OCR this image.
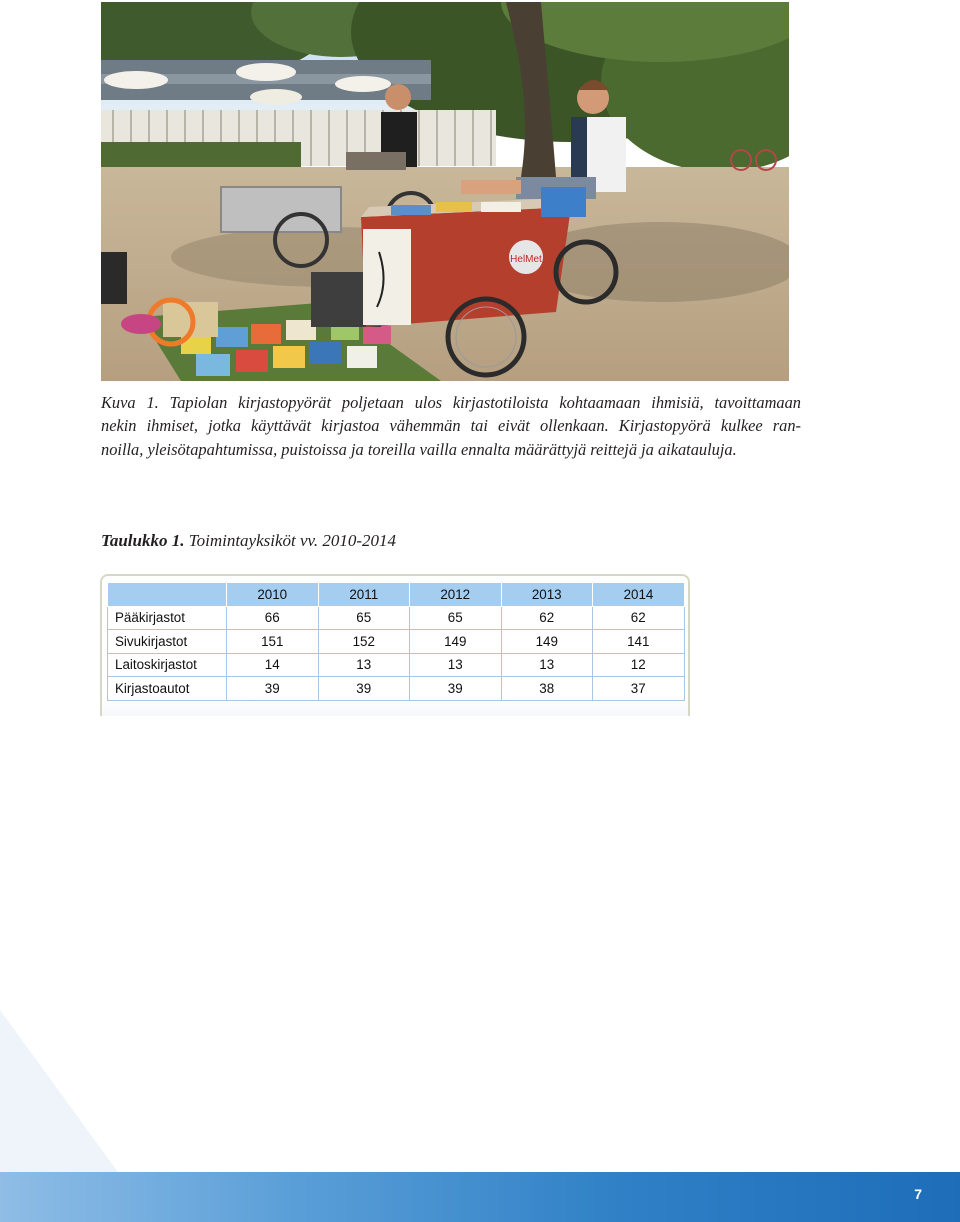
HelMet
Kuva 1. Tapiolan kirjastopyörät poljetaan ulos kirjastotiloista kohtaamaan ihmisiä, tavoittamaan
nekin ihmiset, jotka käyttävät kirjastoa vähemmän tai eivät ollenkaan. Kirjastopyörä kulkee ran-
noilla, yleisötapahtumissa, puistoissa ja toreilla vailla ennalta määrättyjä reittejä ja aikatauluja.
Taulukko 1. Toimintayksiköt vv. 2010-2014
	2010	2011	2012	2013	2014
Pääkirjastot	66	65	65	62	62
Sivukirjastot	151	152	149	149	141
Laitoskirjastot	14	13	13	13	12
Kirjastoautot	39	39	39	38	37
7
